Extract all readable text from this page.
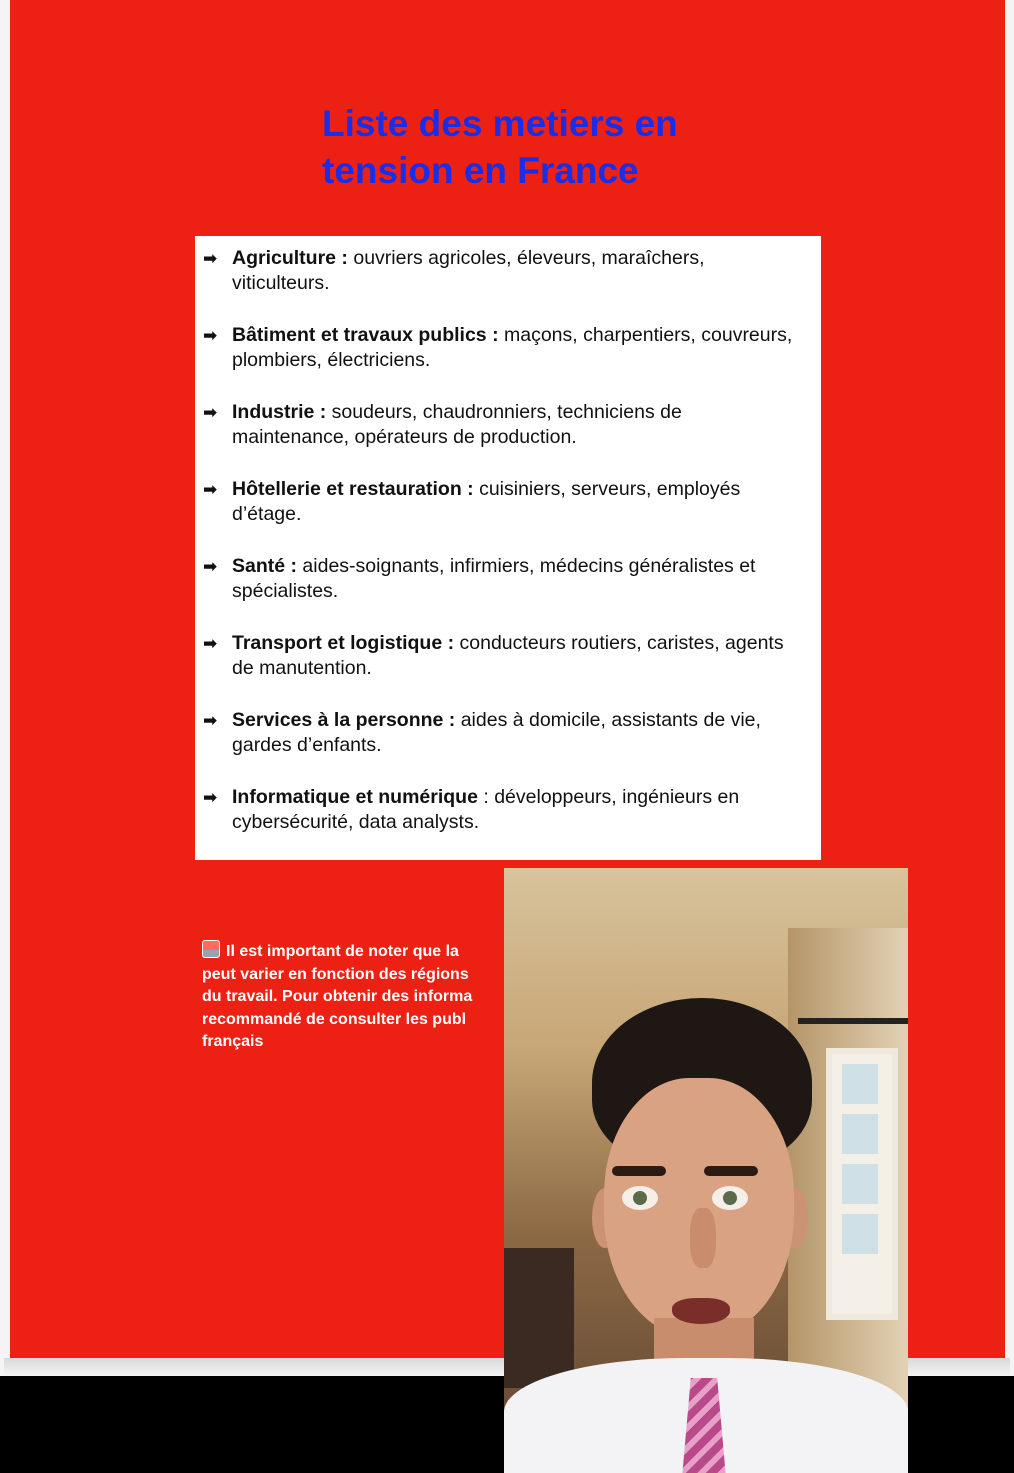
Liste des metiers en
tension en France
➡ Agriculture : ouvriers agricoles, éleveurs, maraîchers, viticulteurs.
➡ Bâtiment et travaux publics : maçons, charpentiers, couvreurs, plombiers, électriciens.
➡ Industrie : soudeurs, chaudronniers, techniciens de maintenance, opérateurs de production.
➡ Hôtellerie et restauration : cuisiniers, serveurs, employés d’étage.
➡ Santé : aides-soignants, infirmiers, médecins généralistes et spécialistes.
➡ Transport et logistique : conducteurs routiers, caristes, agents de manutention.
➡ Services à la personne : aides à domicile, assistants de vie, gardes d’enfants.
➡ Informatique et numérique : développeurs, ingénieurs en cybersécurité, data analysts.
Il est important de noter que la
peut varier en fonction des régions
du travail. Pour obtenir des informa
recommandé de consulter les publ
français
